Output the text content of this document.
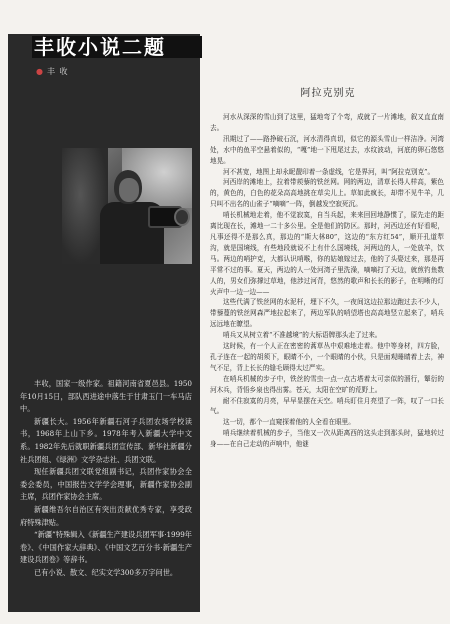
丰收小说二题
● 丰 收

丰收，国家一级作家。祖籍河南省夏邑县。1950年10月15日，部队西进途中落生于甘肃玉门一车马店中。

新疆长大。1956年新疆石河子兵团农场学校读书，1968年上山下乡。1978年考入新疆大学中文系。1982年先后就职新疆兵团宣传部、新华社新疆分社兵团组、《绿洲》文学杂志社、兵团文联。

现任新疆兵团文联党组副书记，兵团作家协会全委会委员，中国报告文学学会理事，新疆作家协会副主席，兵团作家协会主席。

新疆维吾尔自治区有突出贡献优秀专家，享受政府特殊津贴。

“新疆”特殊辑入《新疆生产建设兵团军事·1999年卷》、《中国作家大辞典》、《中国文艺百分书·新疆生产建设兵团卷》等辞书。

已有小说、散文、纪实文学300多万字问世。

阿拉克别克

河水从深深的雪山到了这里，猛地弯了个弯，成就了一片滩地，叙又直直南去。

汛期过了——路挣破石沉，河水清得真切，似它的源头雪山一样洁净。河湾处，水中的鱼平空悬着似的，“嘎”地一下甩尾过去，水纹波动，河底的卵石悠悠地晃。

河不甚宽，地图上却永昵靓印着一条虚线，它是界河，叫“阿拉克别克”。

河西岸的滩地上，拉着带蒺藜的铁丝网。网的两边，清草长得人样高，紫色的，黄色的，白色的花朵高高地挑在草尖儿上。草如此疯长，却带不见牛羊，几只叫不出名的山雀子“嘀嘀”一阵，倒越发空寂死沉。

哨长机械地走着，他不觉寂寞，自当兵起，来来回回地静惯了，原先走的距离比现在长，滩地一二十多公里。全是他们的防区。那时，河西边还有好看呢，凡事还得不是那么真，那边的“斯大林80”，这边的“东方红54”，顺开孔道犁沟，就是国境线，有些地段就说不上有什么国境线，河两边的人，一处放羊，饮马。两边的哨护克，大都认识哨喉，你的姑娘嫁过去，他的了头娶过来，那是再平常不过的事。夏天，两边的人一处河湾子里洗澡，嘀嘀打了天边，就煎钓鱼数人的，男女们弥撑过草地，他涉过河背，悠然的歌声和长长的影子，在明晰的灯火声中一边一边——

这些代满了铁丝网的水泥杆，埋下不久，一夜间这边拉那边跑过去不少人，带藜蔓的铁丝网森严地拉起来了，两边军队的哨望塔也高高地竖立起来了，哨兵远远地在瞭望。

哨兵又从树立着“不准越境”的大标语牌那头走了过来。

这时候，有一个人正在密密的蒿草丛中艰难地走着。他中等身材，四方脸，孔子连在一起的胡须下，眼睛不小，一个眼睛的小伙，只是面观睡睛着上去，神气不足，背上长长的缝毛顾得太过严实。

在哨兵机械的步子中，铁丝的雪虫一点一点古塔着太可亲似的溜行，颦衍的河木兵，背悟乡泉也得出雾。苍天，太阳在空旷的荒野上。

耐不住寂寞的月亮，早早显摆在天空。哨兵盯住月亮望了一阵，叹了一口长气。

这一切，都个一直窥探着他的人全看在眼里。

哨兵继续着机械的步子，当他又一次从距离西的这头走到那头时，猛地转过身——在自己走动的声响中，他谜
